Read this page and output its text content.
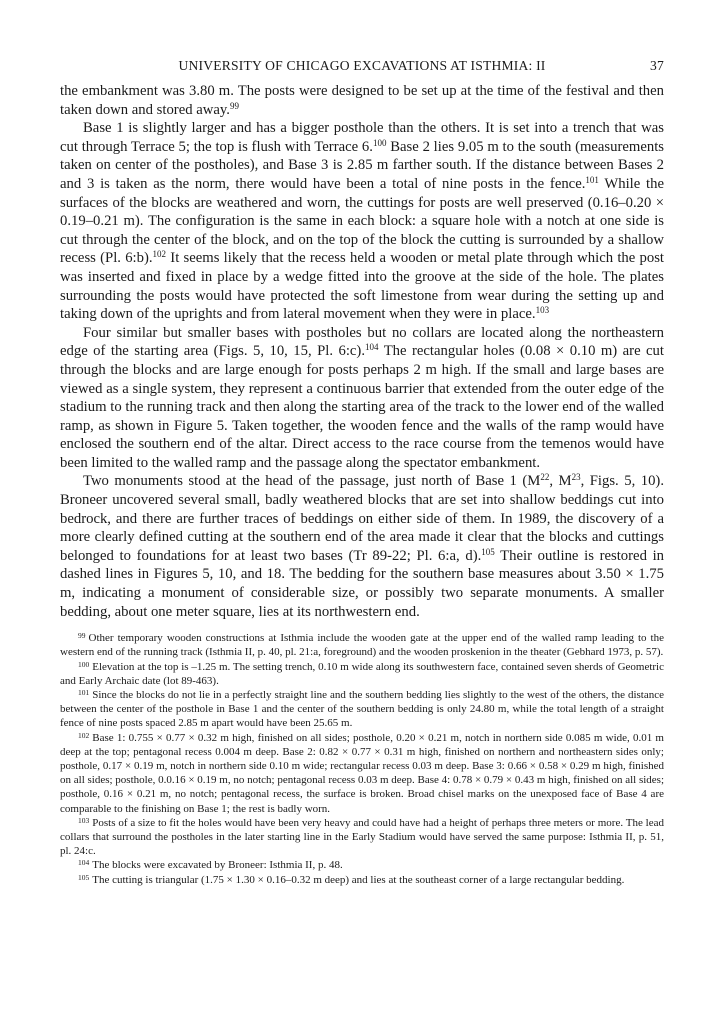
UNIVERSITY OF CHICAGO EXCAVATIONS AT ISTHMIA: II	37

the embankment was 3.80 m. The posts were designed to be set up at the time of the festival and then taken down and stored away.$^{99}$

Base 1 is slightly larger and has a bigger posthole than the others. It is set into a trench that was cut through Terrace 5; the top is flush with Terrace 6.$^{100}$ Base 2 lies 9.05 m to the south (measurements taken on center of the postholes), and Base 3 is 2.85 m farther south. If the distance between Bases 2 and 3 is taken as the norm, there would have been a total of nine posts in the fence.$^{101}$ While the surfaces of the blocks are weathered and worn, the cuttings for posts are well preserved (0.16–0.20 × 0.19–0.21 m). The configuration is the same in each block: a square hole with a notch at one side is cut through the center of the block, and on the top of the block the cutting is surrounded by a shallow recess (Pl. 6:b).$^{102}$ It seems likely that the recess held a wooden or metal plate through which the post was inserted and fixed in place by a wedge fitted into the groove at the side of the hole. The plates surrounding the posts would have protected the soft limestone from wear during the setting up and taking down of the uprights and from lateral movement when they were in place.$^{103}$

Four similar but smaller bases with postholes but no collars are located along the northeastern edge of the starting area (Figs. 5, 10, 15, Pl. 6:c).$^{104}$ The rectangular holes (0.08 × 0.10 m) are cut through the blocks and are large enough for posts perhaps 2 m high. If the small and large bases are viewed as a single system, they represent a continuous barrier that extended from the outer edge of the stadium to the running track and then along the starting area of the track to the lower end of the walled ramp, as shown in Figure 5. Taken together, the wooden fence and the walls of the ramp would have enclosed the southern end of the altar. Direct access to the race course from the temenos would have been limited to the walled ramp and the passage along the spectator embankment.

Two monuments stood at the head of the passage, just north of Base 1 ($M^{22}$, $M^{23}$, Figs. 5, 10). Broneer uncovered several small, badly weathered blocks that are set into shallow beddings cut into bedrock, and there are further traces of beddings on either side of them. In 1989, the discovery of a more clearly defined cutting at the southern end of the area made it clear that the blocks and cuttings belonged to foundations for at least two bases (Tr 89-22; Pl. 6:a, d).$^{105}$ Their outline is restored in dashed lines in Figures 5, 10, and 18. The bedding for the southern base measures about 3.50 × 1.75 m, indicating a monument of considerable size, or possibly two separate monuments. A smaller bedding, about one meter square, lies at its northwestern end.

$^{99}$ Other temporary wooden constructions at Isthmia include the wooden gate at the upper end of the walled ramp leading to the western end of the running track (Isthmia II, p. 40, pl. 21:a, foreground) and the wooden proskenion in the theater (Gebhard 1973, p. 57).

$^{100}$ Elevation at the top is –1.25 m. The setting trench, 0.10 m wide along its southwestern face, contained seven sherds of Geometric and Early Archaic date (lot 89-463).

$^{101}$ Since the blocks do not lie in a perfectly straight line and the southern bedding lies slightly to the west of the others, the distance between the center of the posthole in Base 1 and the center of the southern bedding is only 24.80 m, while the total length of a straight fence of nine posts spaced 2.85 m apart would have been 25.65 m.

$^{102}$ Base 1: 0.755 × 0.77 × 0.32 m high, finished on all sides; posthole, 0.20 × 0.21 m, notch in northern side 0.085 m wide, 0.01 m deep at the top; pentagonal recess 0.004 m deep. Base 2: 0.82 × 0.77 × 0.31 m high, finished on northern and northeastern sides only; posthole, 0.17 × 0.19 m, notch in northern side 0.10 m wide; rectangular recess 0.03 m deep. Base 3: 0.66 × 0.58 × 0.29 m high, finished on all sides; posthole, 0.0.16 × 0.19 m, no notch; pentagonal recess 0.03 m deep. Base 4: 0.78 × 0.79 × 0.43 m high, finished on all sides; posthole, 0.16 × 0.21 m, no notch; pentagonal recess, the surface is broken. Broad chisel marks on the unexposed face of Base 4 are comparable to the finishing on Base 1; the rest is badly worn.

$^{103}$ Posts of a size to fit the holes would have been very heavy and could have had a height of perhaps three meters or more. The lead collars that surround the postholes in the later starting line in the Early Stadium would have served the same purpose: Isthmia II, p. 51, pl. 24:c.

$^{104}$ The blocks were excavated by Broneer: Isthmia II, p. 48.

$^{105}$ The cutting is triangular (1.75 × 1.30 × 0.16–0.32 m deep) and lies at the southeast corner of a large rectangular bedding.
